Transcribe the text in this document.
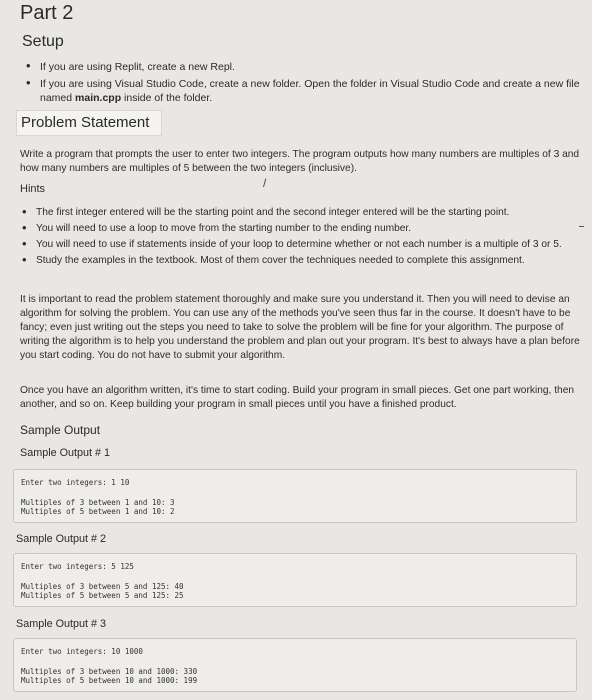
Part 2
Setup
• If you are using Replit, create a new Repl.
• If you are using Visual Studio Code, create a new folder. Open the folder in Visual Studio Code and create a new file named main.cpp inside of the folder.
Problem Statement
Write a program that prompts the user to enter two integers. The program outputs how many numbers are multiples of 3 and how many numbers are multiples of 5 between the two integers (inclusive).
Hints	/
• The first integer entered will be the starting point and the second integer entered will be the starting point.
• You will need to use a loop to move from the starting number to the ending number.
• You will need to use if statements inside of your loop to determine whether or not each number is a multiple of 3 or 5.
• Study the examples in the textbook. Most of them cover the techniques needed to complete this assignment.
It is important to read the problem statement thoroughly and make sure you understand it. Then you will need to devise an algorithm for solving the problem. You can use any of the methods you've seen thus far in the course. It doesn't have to be fancy; even just writing out the steps you need to take to solve the problem will be fine for your algorithm. The purpose of writing the algorithm is to help you understand the problem and plan out your program. It's best to always have a plan before you start coding. You do not have to submit your algorithm.
Once you have an algorithm written, it's time to start coding. Build your program in small pieces. Get one part working, then another, and so on. Keep building your program in small pieces until you have a finished product.
Sample Output
Sample Output # 1
Enter two integers: 1 10
Multiples of 3 between 1 and 10: 3
Multiples of 5 between 1 and 10: 2
Sample Output # 2
Enter two integers: 5 125
Multiples of 3 between 5 and 125: 40
Multiples of 5 between 5 and 125: 25
Sample Output # 3
Enter two integers: 10 1000
Multiples of 3 between 10 and 1000: 330
Multiples of 5 between 10 and 1000: 199
